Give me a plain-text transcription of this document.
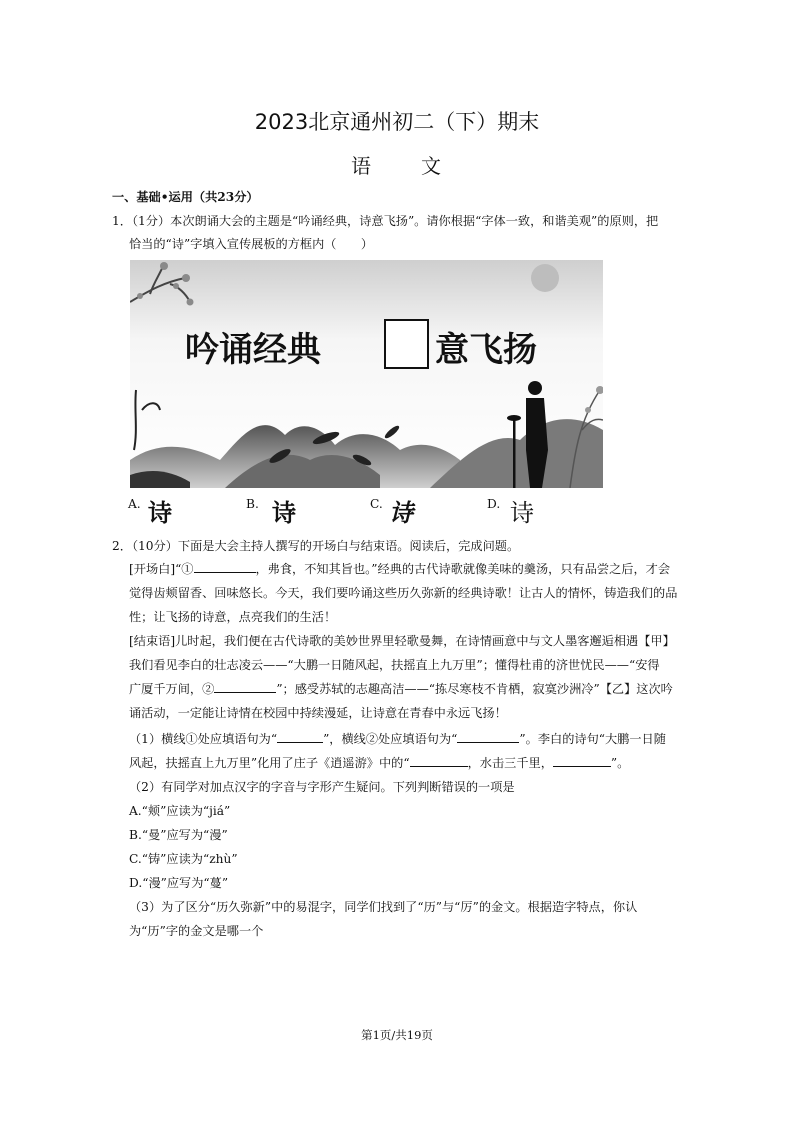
2023北京通州初二（下）期末
语 文
一、基础•运用（共23分）
1．（1分）本次朗诵大会的主题是“吟诵经典，诗意飞扬”。请你根据“字体一致，和谐美观”的原则，把
恰当的“诗”字填入宣传展板的方框内（　　）
吟诵经典	意飞扬
A. 诗	B. 诗	C. 诗	D. 诗
2．（10分）下面是大会主持人撰写的开场白与结束语。阅读后，完成问题。
[开场白]“①	，弗食，不知其旨也。”经典的古代诗歌就像美味的羹汤，只有品尝之后，才会
觉得齿颊留香、回味悠长。今天，我们要吟诵这些历久弥新的经典诗歌！让古人的情怀，铸造我们的品
性；让飞扬的诗意，点亮我们的生活！
[结束语]儿时起，我们便在古代诗歌的美妙世界里轻歌曼舞，在诗情画意中与文人墨客邂逅相遇【甲】
我们看见李白的壮志凌云——“大鹏一日随风起，扶摇直上九万里”；懂得杜甫的济世忧民——“安得
广厦千万间，②	”；感受苏轼的志趣高洁——“拣尽寒枝不肯栖，寂寞沙洲冷”【乙】这次吟
诵活动，一定能让诗情在校园中持续漫延，让诗意在青春中永远飞扬！
（1）横线①处应填语句为“	”，横线②处应填语句为“	”。李白的诗句“大鹏一日随
风起，扶摇直上九万里”化用了庄子《逍遥游》中的“	，水击三千里，	”。
（2）有同学对加点汉字的字音与字形产生疑问。下列判断错误的一项是
A.“颊”应读为“jiá”
B.“曼”应写为“漫”
C.“铸”应读为“zhù”
D.“漫”应写为“蔓”
（3）为了区分“历久弥新”中的易混字，同学们找到了“历”与“厉”的金文。根据造字特点，你认
为“历”字的金文是哪一个
第1页/共19页
